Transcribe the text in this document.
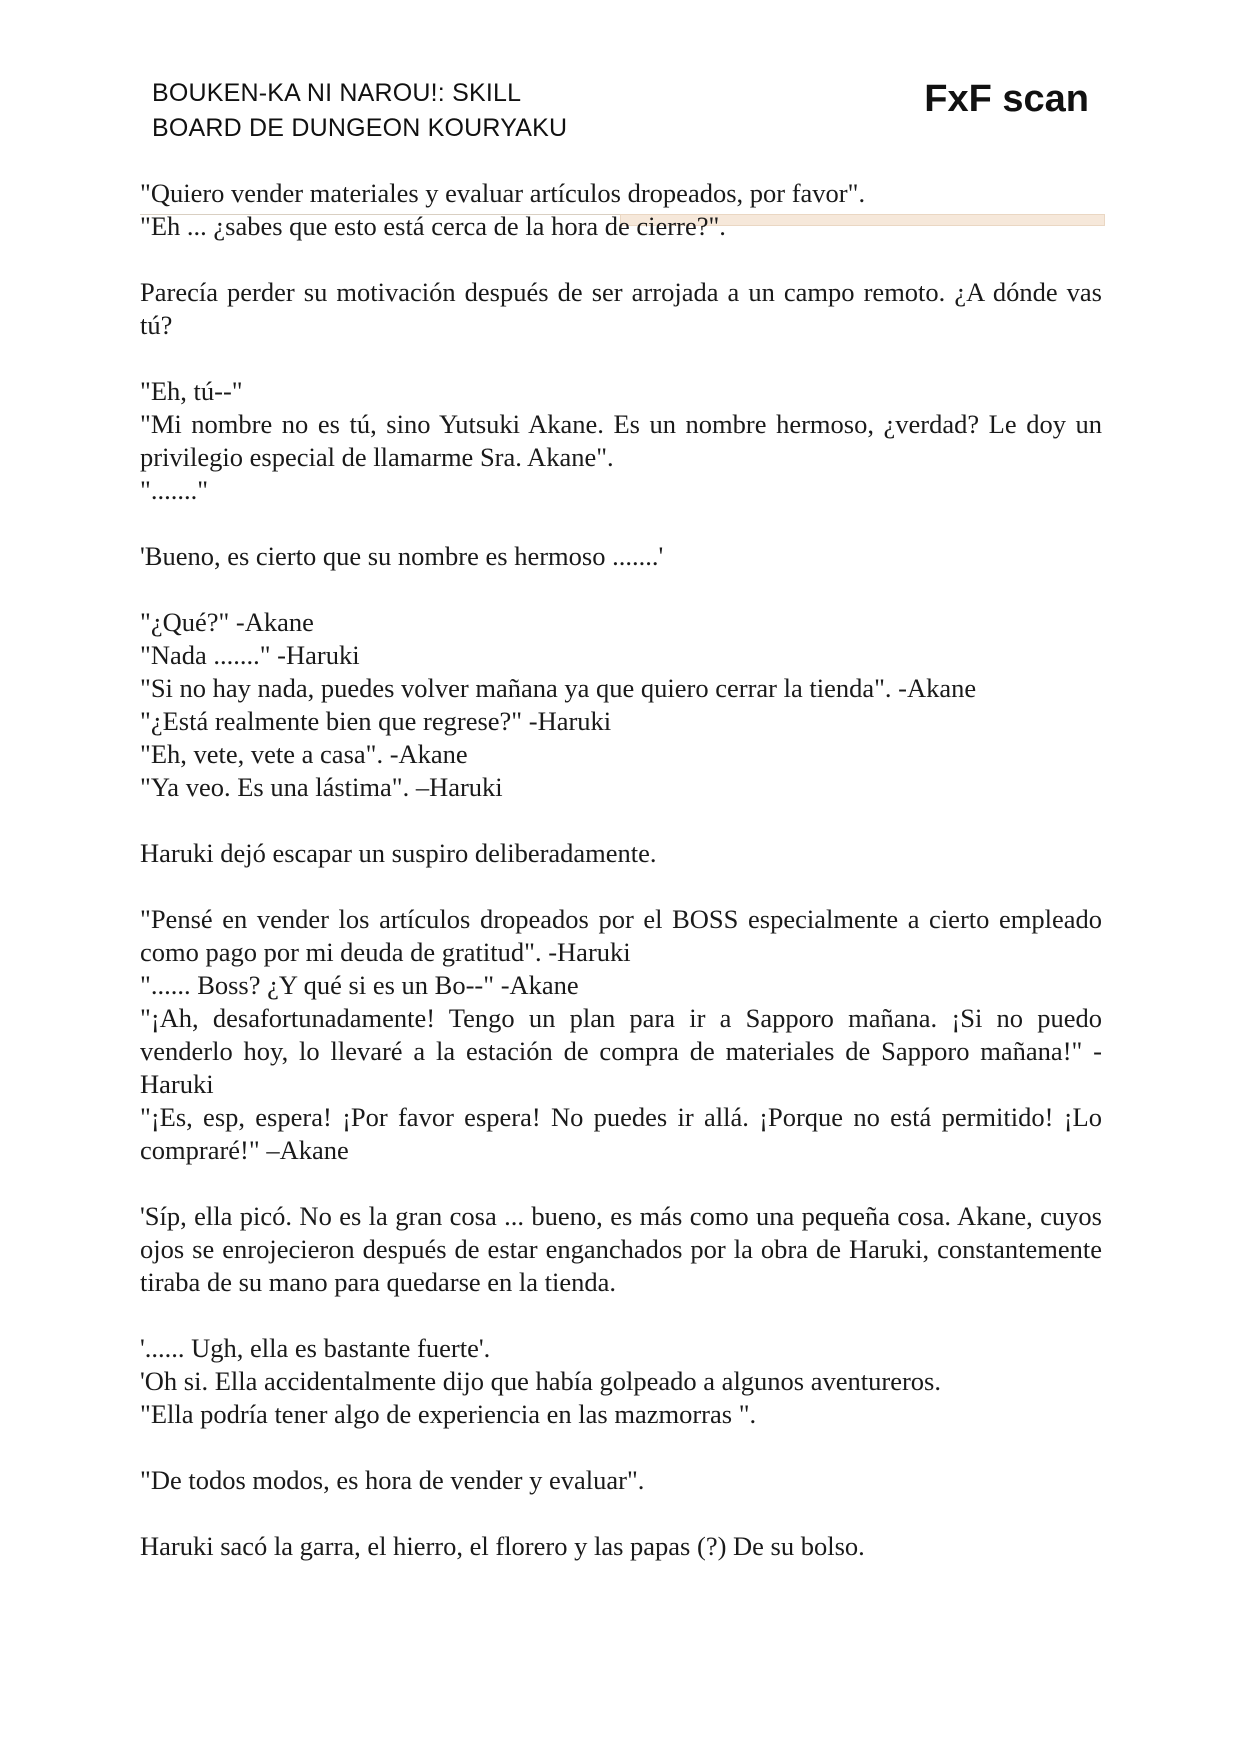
BOUKEN-KA NI NAROU!: SKILL
BOARD DE DUNGEON KOURYAKU
FxF scan

"Quiero vender materiales y evaluar artículos dropeados, por favor".

"Eh ... ¿sabes que esto está cerca de la hora de cierre?".

Parecía perder su motivación después de ser arrojada a un campo remoto. ¿A dónde vas tú?

"Eh, tú--"

"Mi nombre no es tú, sino Yutsuki Akane. Es un nombre hermoso, ¿verdad? Le doy un privilegio especial de llamarme Sra. Akane".

"......."

'Bueno, es cierto que su nombre es hermoso .......'

"¿Qué?" -Akane

"Nada ......." -Haruki

"Si no hay nada, puedes volver mañana ya que quiero cerrar la tienda". -Akane

"¿Está realmente bien que regrese?" -Haruki

"Eh, vete, vete a casa". -Akane

"Ya veo. Es una lástima". –Haruki

Haruki dejó escapar un suspiro deliberadamente.

"Pensé en vender los artículos dropeados por el BOSS especialmente a cierto empleado como pago por mi deuda de gratitud". -Haruki

"...... Boss? ¿Y qué si es un Bo--" -Akane

"¡Ah, desafortunadamente! Tengo un plan para ir a Sapporo mañana. ¡Si no puedo venderlo hoy, lo llevaré a la estación de compra de materiales de Sapporo mañana!" -Haruki

"¡Es, esp, espera! ¡Por favor espera! No puedes ir allá. ¡Porque no está permitido! ¡Lo compraré!" –Akane

'Síp, ella picó. No es la gran cosa ... bueno, es más como una pequeña cosa. Akane, cuyos ojos se enrojecieron después de estar enganchados por la obra de Haruki, constantemente tiraba de su mano para quedarse en la tienda.

'...... Ugh, ella es bastante fuerte'.

'Oh si. Ella accidentalmente dijo que había golpeado a algunos aventureros.

"Ella podría tener algo de experiencia en las mazmorras ".

"De todos modos, es hora de vender y evaluar".

Haruki sacó la garra, el hierro, el florero y las papas (?) De su bolso.
